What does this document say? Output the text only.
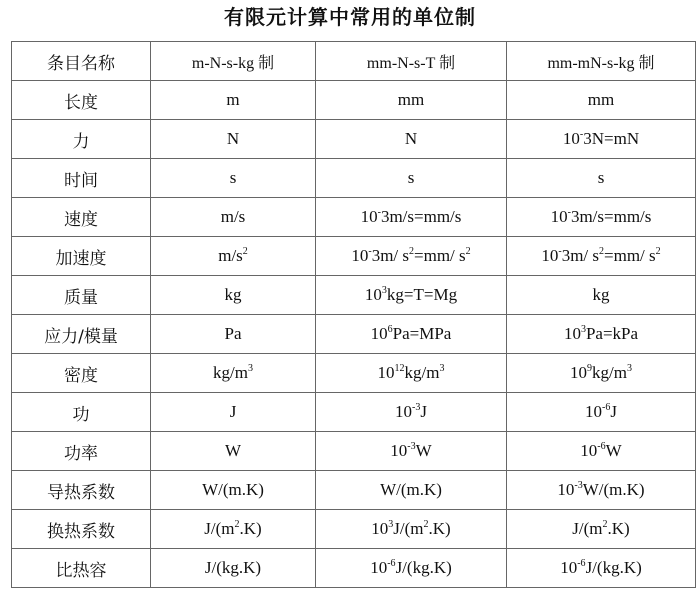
有限元计算中常用的单位制
条目名称	m-N-s-kg 制	mm-N-s-T 制	mm-mN-s-kg 制
长度	m	mm	mm
力	N	N	10-3N=mN
时间	s	s	s
速度	m/s	10-3m/s=mm/s	10-3m/s=mm/s
加速度	$m/s^2$	10-3m/ $s^2=mm/$ $s^2$	10-3m/ $s^2=mm/$ $s^2$
质量	kg	$10^3kg=T=Mg$	kg
应力/模量	Pa	$10^6Pa=MPa$	$10^3Pa=kPa$
密度	$kg/m^3$	$10^{12}kg/m^3$	$10^9kg/m^3$
功	J	$10^{-3}J$	$10^{-6}J$
功率	W	$10^{-3}W$	$10^{-6}W$
导热系数	W/(m.K)	W/(m.K)	$10^{-3}W/(m.K)$
换热系数	$J/(m^2.K)$	$10^3J/(m^2.K)$	$J/(m^2.K)$
比热容	J/(kg.K)	$10^{-6}J/(kg.K)$	$10^{-6}J/(kg.K)$
